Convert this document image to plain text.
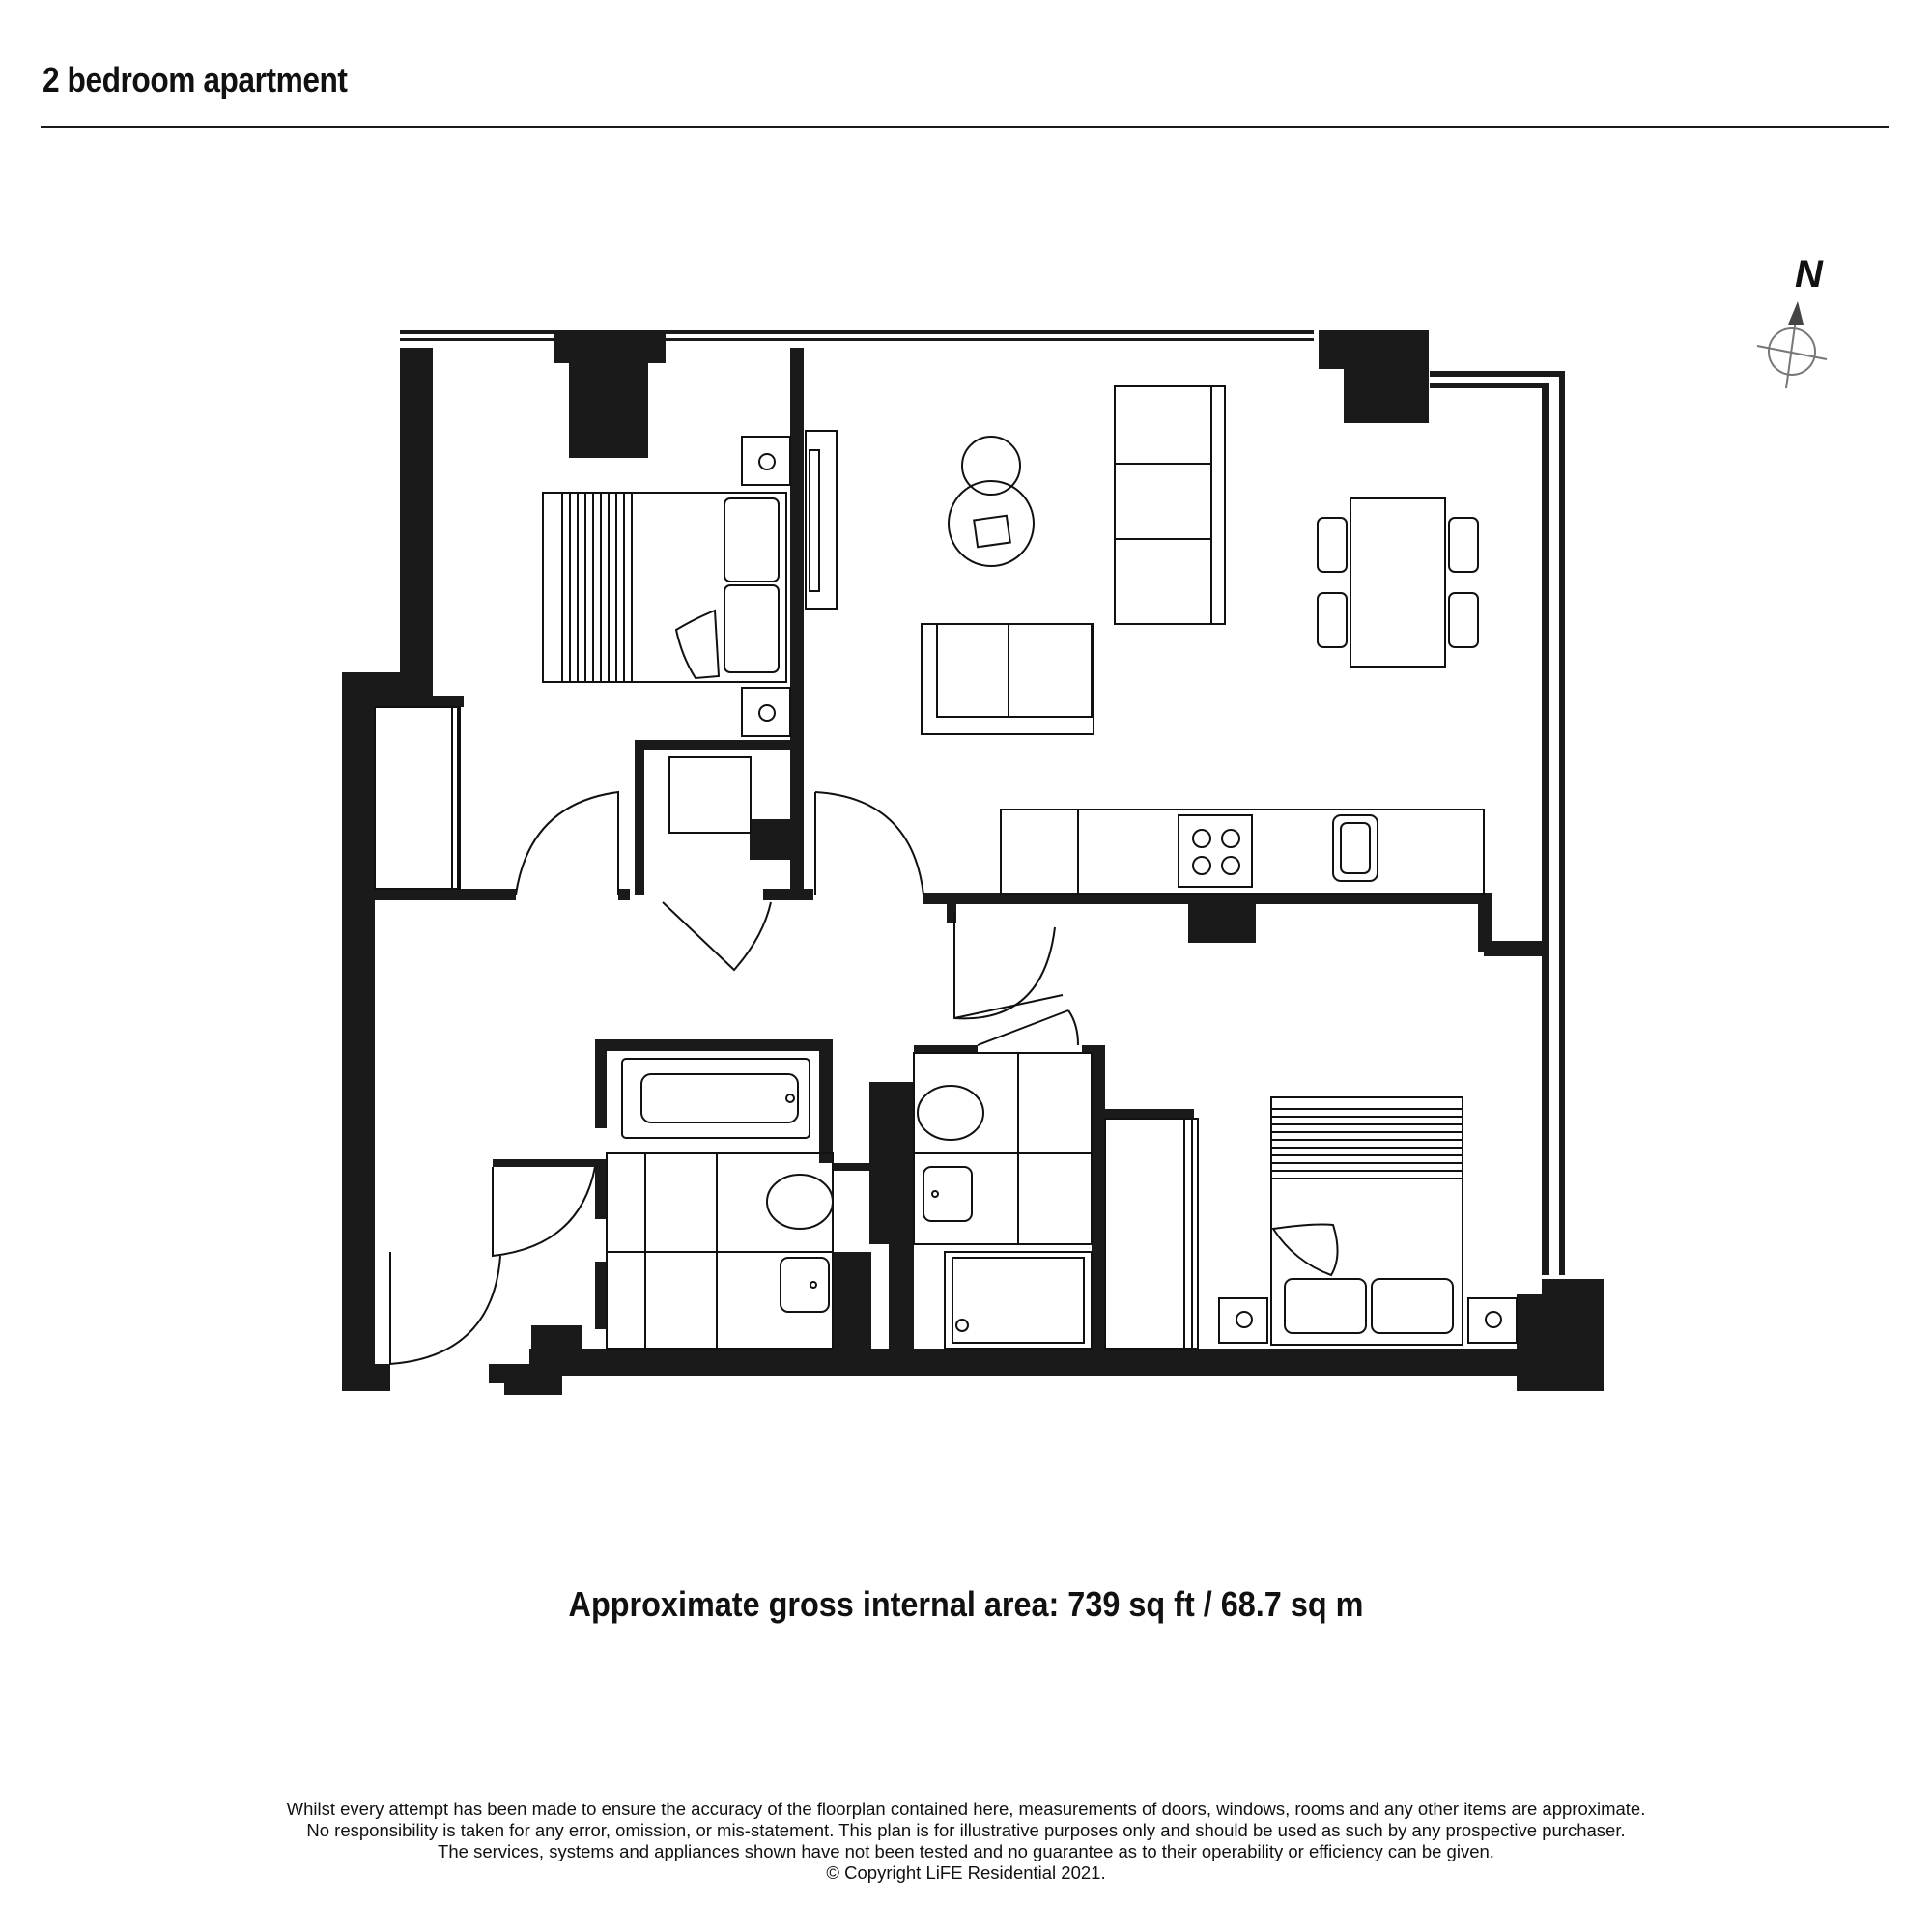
2 bedroom apartment
N
Approximate gross internal area: 739 sq ft / 68.7 sq m
Whilst every attempt has been made to ensure the accuracy of the floorplan contained here, measurements of doors, windows, rooms and any other items are approximate.
No responsibility is taken for any error, omission, or mis-statement. This plan is for illustrative purposes only and should be used as such by any prospective purchaser.
The services, systems and appliances shown have not been tested and no guarantee as to their operability or efficiency can be given.
© Copyright LiFE Residential 2021.
